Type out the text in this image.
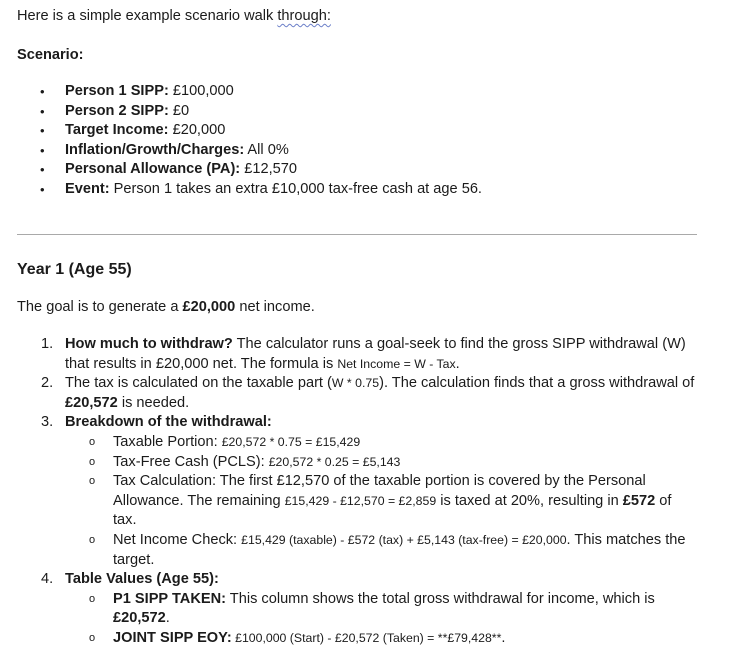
Here is a simple example scenario walk through:
Scenario:
• Person 1 SIPP: £100,000
• Person 2 SIPP: £0
• Target Income: £20,000
• Inflation/Growth/Charges: All 0%
• Personal Allowance (PA): £12,570
• Event: Person 1 takes an extra £10,000 tax-free cash at age 56.
Year 1 (Age 55)
The goal is to generate a £20,000 net income.
1. How much to withdraw? The calculator runs a goal-seek to find the gross SIPP withdrawal (W) that results in £20,000 net. The formula is Net Income = W - Tax.
2. The tax is calculated on the taxable part (W * 0.75). The calculation finds that a gross withdrawal of £20,572 is needed.
3. Breakdown of the withdrawal:
o Taxable Portion: £20,572 * 0.75 = £15,429
o Tax-Free Cash (PCLS): £20,572 * 0.25 = £5,143
o Tax Calculation: The first £12,570 of the taxable portion is covered by the Personal Allowance. The remaining £15,429 - £12,570 = £2,859 is taxed at 20%, resulting in £572 of tax.
o Net Income Check: £15,429 (taxable) - £572 (tax) + £5,143 (tax-free) = £20,000. This matches the target.
4. Table Values (Age 55):
o P1 SIPP TAKEN: This column shows the total gross withdrawal for income, which is £20,572.
o JOINT SIPP EOY: £100,000 (Start) - £20,572 (Taken) = **£79,428**.
